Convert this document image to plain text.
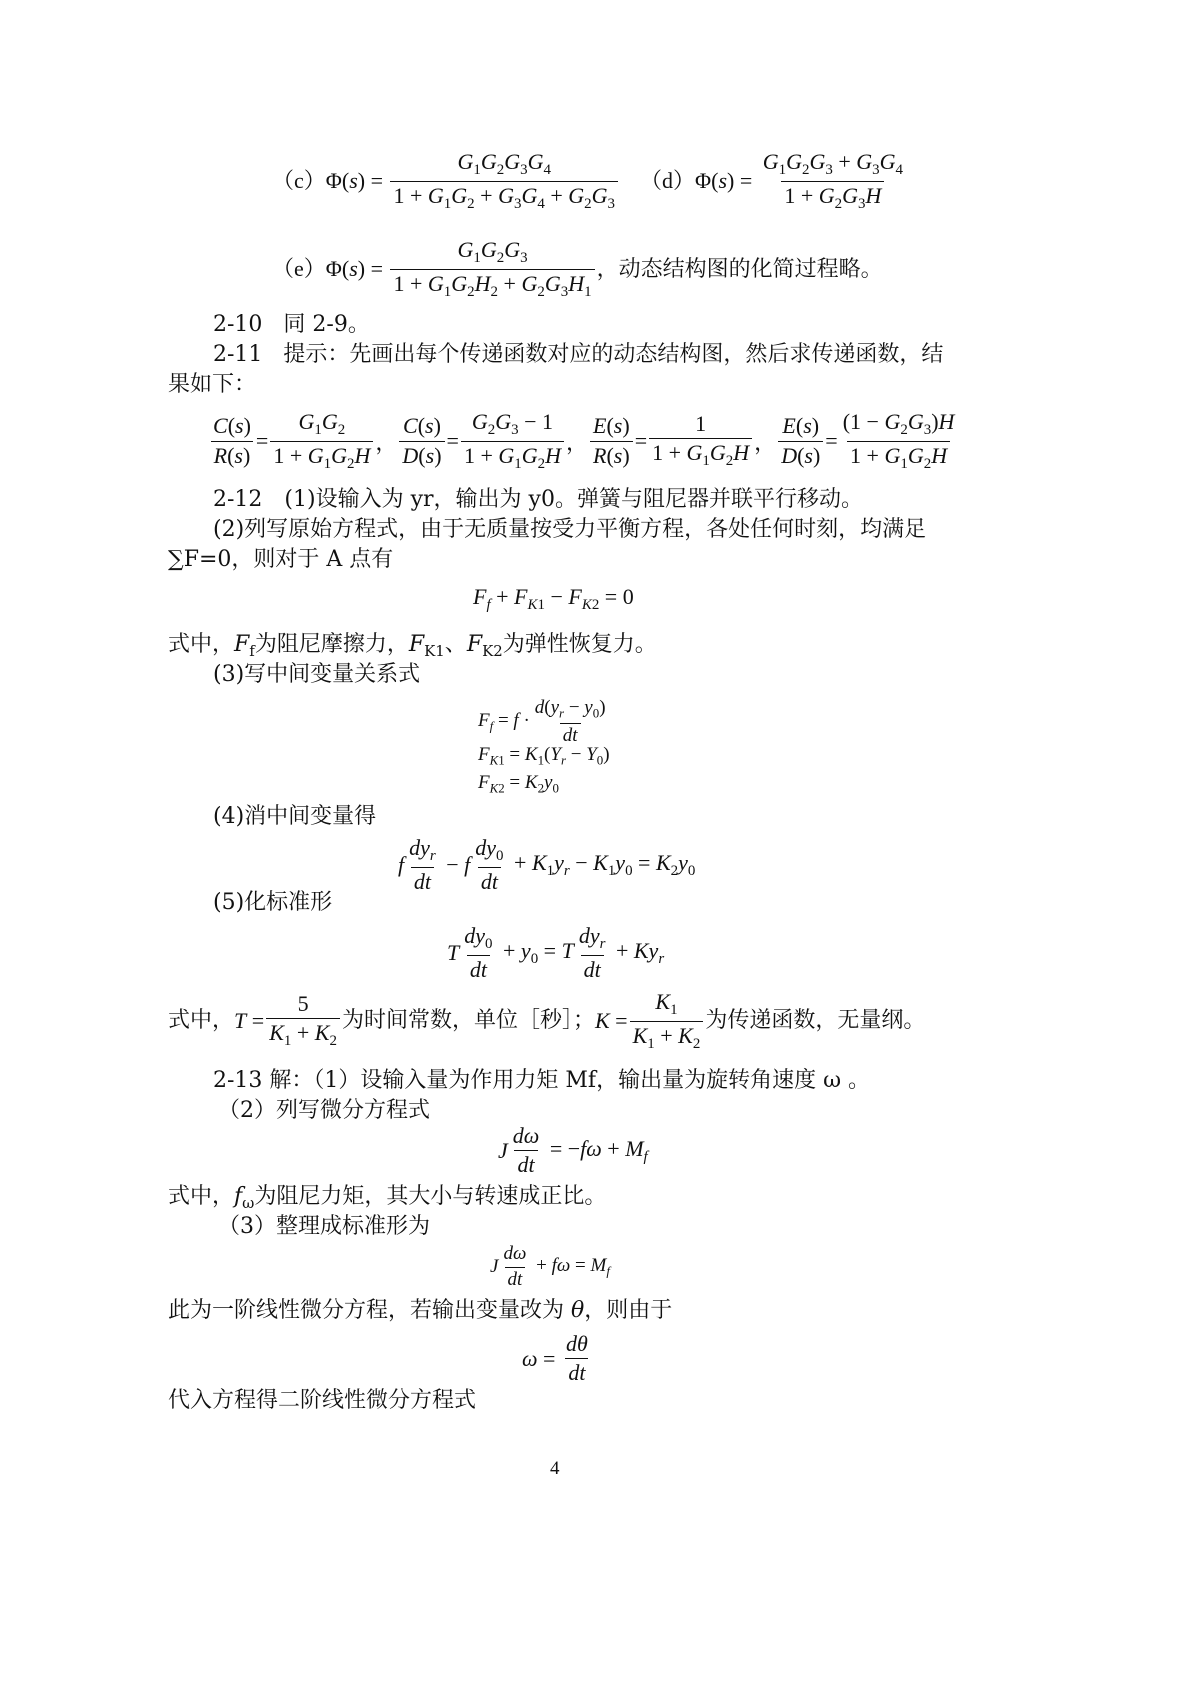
（c） $\Phi(s) = \frac{G_1G_2G_3G_4}{1 + G_1G_2 + G_3G_4 + G_2G_3} (d) \Phi(s) = \frac{G_1G_2G_3 + G_3G_4}{1 + G_2G_3H}$
（e） $\Phi(s) = \frac{G_1G_2G_3}{1 + G_1G_2H_2 + G_2G_3H_1}$ ，动态结构图的化简过程略。
2-10 同 2-9。
2-11 提示：先画出每个传递函数对应的动态结构图，然后求传递函数，结
果如下：
$\frac{C(s)}{R(s)} = \frac{G_1G_2}{1 + G_1G_2H}$ ， $\frac{C(s)}{D(s)} = \frac{G_2G_3 - 1}{1 + G_1G_2H}$ ， $\frac{E(s)}{R(s)} = \frac{1}{1 + G_1G_2H}$ ， $\frac{E(s)}{D(s)} = \frac{(1 - G_2G_3)H}{1 + G_1G_2H}$
2-12　(1)设输入为 yr，输出为 y0。弹簧与阻尼器并联平行移动。
(2)列写原始方程式，由于无质量按受力平衡方程，各处任何时刻，均满足
∑F=0，则对于 A 点有
$F_f + F_{K1} - F_{K2} = 0$
式中，$F_f$为阻尼摩擦力，$F_{K1}$、$F_{K2}$为弹性恢复力。
(3)写中间变量关系式
$F_f = f \cdot \frac{d(y_r - y_0)}{dt}$
$F_{K1} = K_1(Y_r - Y_0)$
$F_{K2} = K_2y_0$
(4)消中间变量得
f $\frac{dy_r}{dt} - f \frac{dy_0}{dt} + K_1y_r - K_1y_0 = K_2y_0$
(5)化标准形
T $\frac{dy_0}{dt} + y_0 = T \frac{dy_r}{dt} + Ky_r$
式中， $T = \frac{5}{K_1 + K_2}$ 为时间常数，单位［秒］； $K = \frac{K_1}{K_1 + K_2}$ 为传递函数，无量纲。
2-13 解：（1）设输入量为作用力矩 Mf，输出量为旋转角速度 ω 。
（2）列写微分方程式
J $\frac{d\omega}{dt} = -f\omega + M_f$
式中，$f_\omega$为阻尼力矩，其大小与转速成正比。
（3）整理成标准形为
J $\frac{d\omega}{dt} + f\omega = M_f$
此为一阶线性微分方程，若输出变量改为 θ，则由于
$\omega = \frac{d\theta}{dt}$
代入方程得二阶线性微分方程式
4
